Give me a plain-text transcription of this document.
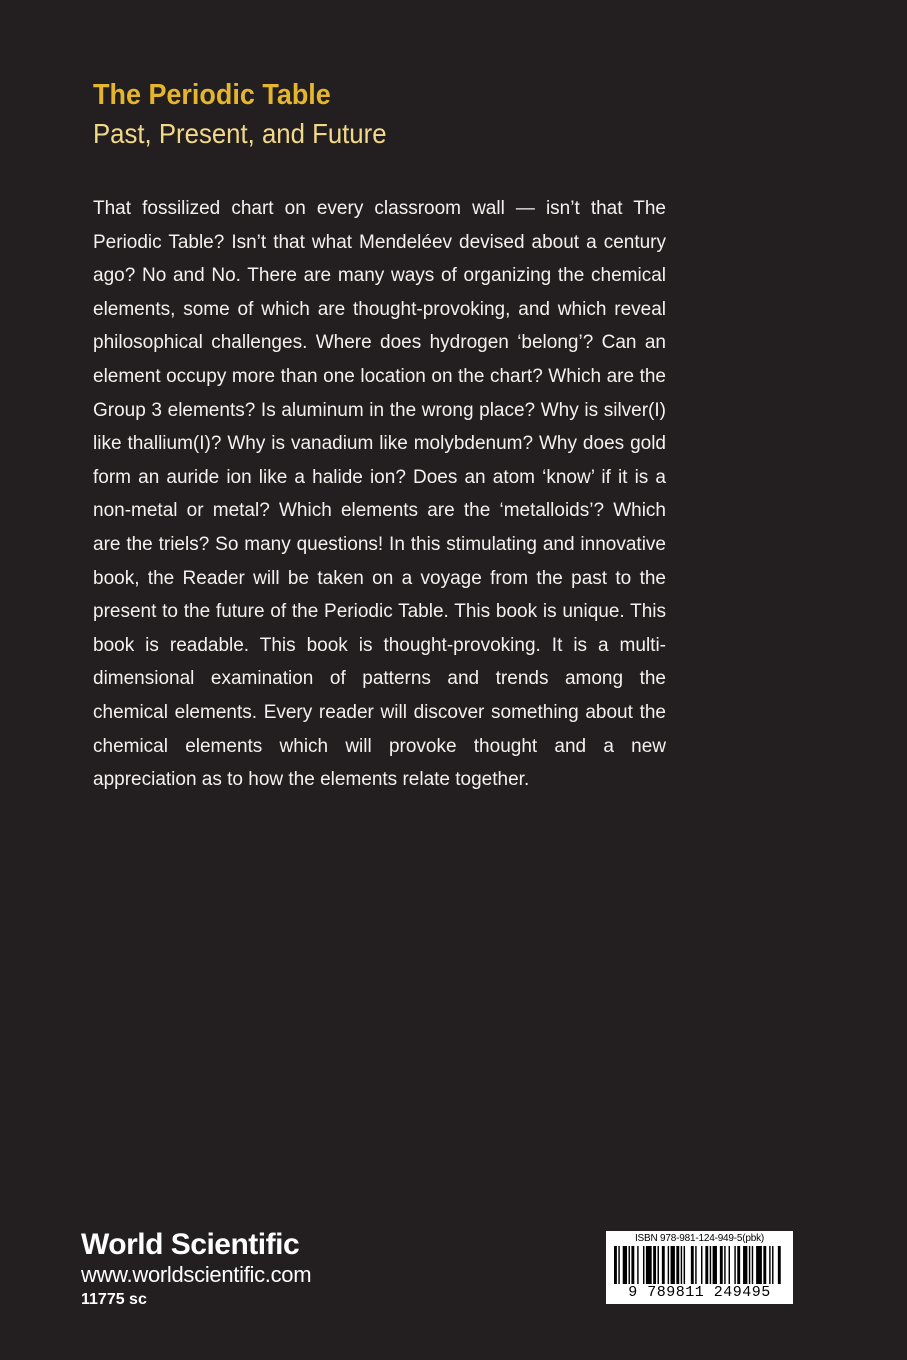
The Periodic Table
Past, Present, and Future

That fossilized chart on every classroom wall — isn’t that The Periodic Table? Isn’t that what Mendeléev devised about a century ago? No and No. There are many ways of organizing the chemical elements, some of which are thought-provoking, and which reveal philosophical challenges. Where does hydrogen ‘belong’? Can an element occupy more than one location on the chart? Which are the Group 3 elements? Is aluminum in the wrong place? Why is silver(I) like thallium(I)? Why is vanadium like molybdenum? Why does gold form an auride ion like a halide ion? Does an atom ‘know’ if it is a non-metal or metal? Which elements are the ‘metalloids’? Which are the triels? So many questions! In this stimulating and innovative book, the Reader will be taken on a voyage from the past to the present to the future of the Periodic Table. This book is unique. This book is readable. This book is thought-provoking. It is a multi-dimensional examination of patterns and trends among the chemical elements. Every reader will discover something about the chemical elements which will provoke thought and a new appreciation as to how the elements relate together.

World Scientific
www.worldscientific.com
11775 sc
ISBN 978-981-124-949-5(pbk)
9 789811 249495
